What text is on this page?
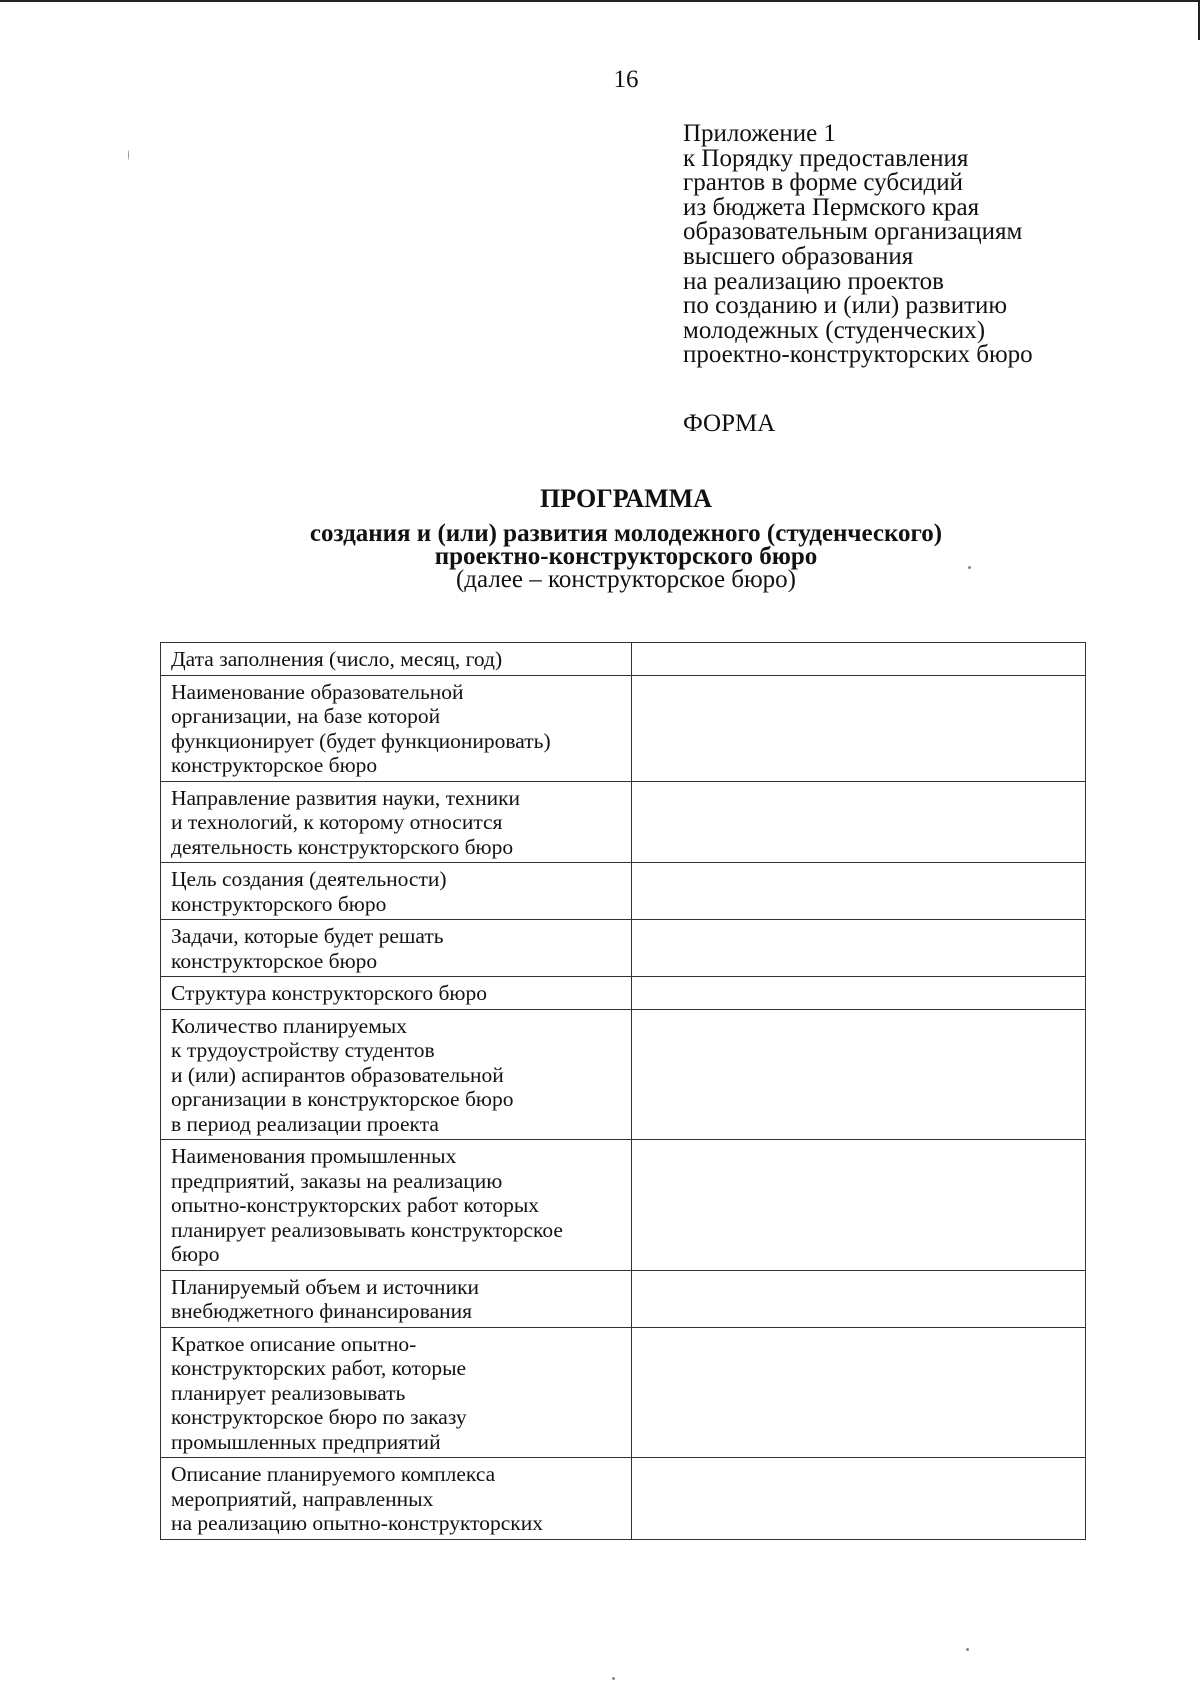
16
Приложение 1
к Порядку предоставления
грантов в форме субсидий
из бюджета Пермского края
образовательным организациям
высшего образования
на реализацию проектов
по созданию и (или) развитию
молодежных (студенческих)
проектно-конструкторских бюро
ФОРМА
ПРОГРАММА
создания и (или) развития молодежного (студенческого)
проектно-конструкторского бюро
(далее – конструкторское бюро)
Дата заполнения (число, месяц, год)	
Наименование образовательной
организации, на базе которой
функционирует (будет функционировать)
конструкторское бюро	
Направление развития науки, техники
и технологий, к которому относится
деятельность конструкторского бюро	
Цель создания (деятельности)
конструкторского бюро	
Задачи, которые будет решать
конструкторское бюро	
Структура конструкторского бюро	
Количество планируемых
к трудоустройству студентов
и (или) аспирантов образовательной
организации в конструкторское бюро
в период реализации проекта	
Наименования промышленных
предприятий, заказы на реализацию
опытно-конструкторских работ которых
планирует реализовывать конструкторское
бюро	
Планируемый объем и источники
внебюджетного финансирования	
Краткое описание опытно-
конструкторских работ, которые
планирует реализовывать
конструкторское бюро по заказу
промышленных предприятий	
Описание планируемого комплекса
мероприятий, направленных
на реализацию опытно-конструкторских	
